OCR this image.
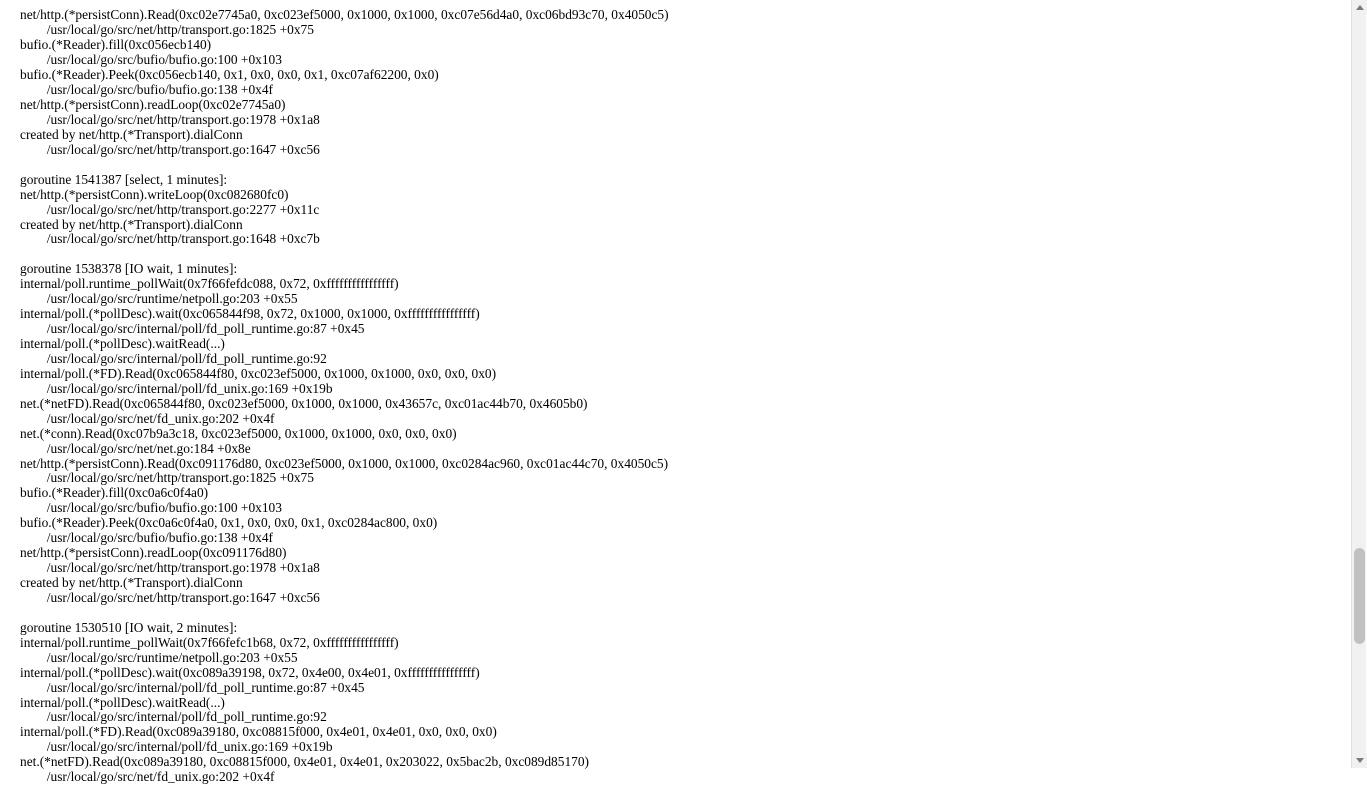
net/http.(*persistConn).Read(0xc02e7745a0, 0xc023ef5000, 0x1000, 0x1000, 0xc07e56d4a0, 0xc06bd93c70, 0x4050c5)
/usr/local/go/src/net/http/transport.go:1825 +0x75
bufio.(*Reader).fill(0xc056ecb140)
/usr/local/go/src/bufio/bufio.go:100 +0x103
bufio.(*Reader).Peek(0xc056ecb140, 0x1, 0x0, 0x0, 0x1, 0xc07af62200, 0x0)
/usr/local/go/src/bufio/bufio.go:138 +0x4f
net/http.(*persistConn).readLoop(0xc02e7745a0)
/usr/local/go/src/net/http/transport.go:1978 +0x1a8
created by net/http.(*Transport).dialConn
/usr/local/go/src/net/http/transport.go:1647 +0xc56
goroutine 1541387 [select, 1 minutes]:
net/http.(*persistConn).writeLoop(0xc082680fc0)
/usr/local/go/src/net/http/transport.go:2277 +0x11c
created by net/http.(*Transport).dialConn
/usr/local/go/src/net/http/transport.go:1648 +0xc7b
goroutine 1538378 [IO wait, 1 minutes]:
internal/poll.runtime_pollWait(0x7f66fefdc088, 0x72, 0xffffffffffffffff)
/usr/local/go/src/runtime/netpoll.go:203 +0x55
internal/poll.(*pollDesc).wait(0xc065844f98, 0x72, 0x1000, 0x1000, 0xffffffffffffffff)
/usr/local/go/src/internal/poll/fd_poll_runtime.go:87 +0x45
internal/poll.(*pollDesc).waitRead(...)
/usr/local/go/src/internal/poll/fd_poll_runtime.go:92
internal/poll.(*FD).Read(0xc065844f80, 0xc023ef5000, 0x1000, 0x1000, 0x0, 0x0, 0x0)
/usr/local/go/src/internal/poll/fd_unix.go:169 +0x19b
net.(*netFD).Read(0xc065844f80, 0xc023ef5000, 0x1000, 0x1000, 0x43657c, 0xc01ac44b70, 0x4605b0)
/usr/local/go/src/net/fd_unix.go:202 +0x4f
net.(*conn).Read(0xc07b9a3c18, 0xc023ef5000, 0x1000, 0x1000, 0x0, 0x0, 0x0)
/usr/local/go/src/net/net.go:184 +0x8e
net/http.(*persistConn).Read(0xc091176d80, 0xc023ef5000, 0x1000, 0x1000, 0xc0284ac960, 0xc01ac44c70, 0x4050c5)
/usr/local/go/src/net/http/transport.go:1825 +0x75
bufio.(*Reader).fill(0xc0a6c0f4a0)
/usr/local/go/src/bufio/bufio.go:100 +0x103
bufio.(*Reader).Peek(0xc0a6c0f4a0, 0x1, 0x0, 0x0, 0x1, 0xc0284ac800, 0x0)
/usr/local/go/src/bufio/bufio.go:138 +0x4f
net/http.(*persistConn).readLoop(0xc091176d80)
/usr/local/go/src/net/http/transport.go:1978 +0x1a8
created by net/http.(*Transport).dialConn
/usr/local/go/src/net/http/transport.go:1647 +0xc56
goroutine 1530510 [IO wait, 2 minutes]:
internal/poll.runtime_pollWait(0x7f66fefc1b68, 0x72, 0xffffffffffffffff)
/usr/local/go/src/runtime/netpoll.go:203 +0x55
internal/poll.(*pollDesc).wait(0xc089a39198, 0x72, 0x4e00, 0x4e01, 0xffffffffffffffff)
/usr/local/go/src/internal/poll/fd_poll_runtime.go:87 +0x45
internal/poll.(*pollDesc).waitRead(...)
/usr/local/go/src/internal/poll/fd_poll_runtime.go:92
internal/poll.(*FD).Read(0xc089a39180, 0xc08815f000, 0x4e01, 0x4e01, 0x0, 0x0, 0x0)
/usr/local/go/src/internal/poll/fd_unix.go:169 +0x19b
net.(*netFD).Read(0xc089a39180, 0xc08815f000, 0x4e01, 0x4e01, 0x203022, 0x5bac2b, 0xc089d85170)
/usr/local/go/src/net/fd_unix.go:202 +0x4f
